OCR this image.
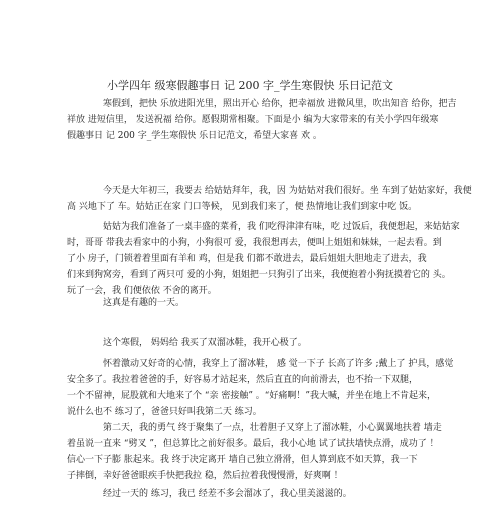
小学四年 级寒假趣事日 记 200 字_学生寒假快 乐日记范文
寒假到，把快 乐放进阳光里，照出开心 给你，把幸福放 进微风里，吹出知音 给你，把吉
祥放 进短信里， 发送祝福 给你。愿假期常相聚。下面是小 编为大家带来的有关小学四年级寒
假趣事日 记 200 字_学生寒假快 乐日记范文，希望大家喜 欢 。
今天是大年初三，我要去 给姑姑拜年，我，因 为姑姑对我们很好。坐 车到了姑姑家好，我便
高 兴地下了 车。姑姑正在家 门口等候， 见到我们来了，便 热情地让我们到家中吃 饭。
姑姑为我们准备了一桌丰盛的菜肴，我 们吃得津津有味，吃 过饭后，我便想起，来姑姑家
时，哥哥 带我去看家中的小狗，小狗很可 爱，我很想再去，便叫上姐姐和妹妹，一起去看。到
了小 房子，门锁着着里面有羊和 鸡，但是我 们都不敢进去，最后姐姐大胆地走了进去，我
们来到狗窝旁，看到了两只可 爱的小狗，姐姐把一只狗引了出来，我便抱着小狗抚摸着它的 头。
玩了一会，我 们便依依 不舍的离开。
这真是有趣的一天。
这个寒假， 妈妈给 我买了双溜冰鞋，我开心极了。
怀着激动又好奇的心情，我穿上了溜冰鞋， 感 觉一下子 长高了许多 ;戴上了 护具，感觉
安全多了。我拉着爸爸的手，好容易才站起来，然后直直的向前滑去，也不抬一下双腿，
一个不留神，屁股就和大地来了个 “亲 密接触” 。“好痛啊！”我大喊，并坐在地上不肯起来，
说什么也不 练习了，爸爸只好叫我第二天 练习。
第二天，我的勇气 终于聚集了一点，壮着胆子又穿上了溜冰鞋，小心翼翼地扶着 墙走
着虽说一直来 “劈叉 ”，但总算比之前好很多。最后，我小心地 试了试扶墙快点滑，成功了 ！
信心一下子膨 胀起来。我 终于决定离开 墙自己独立滑滑，但人算到底不如天算，我一下
子摔倒，幸好爸爸眼疾手快把我拉 稳，然后拉着我慢慢滑，好爽啊 ！
经过一天的 练习，我已 经差不多会溜冰了，我心里美滋滋的。
